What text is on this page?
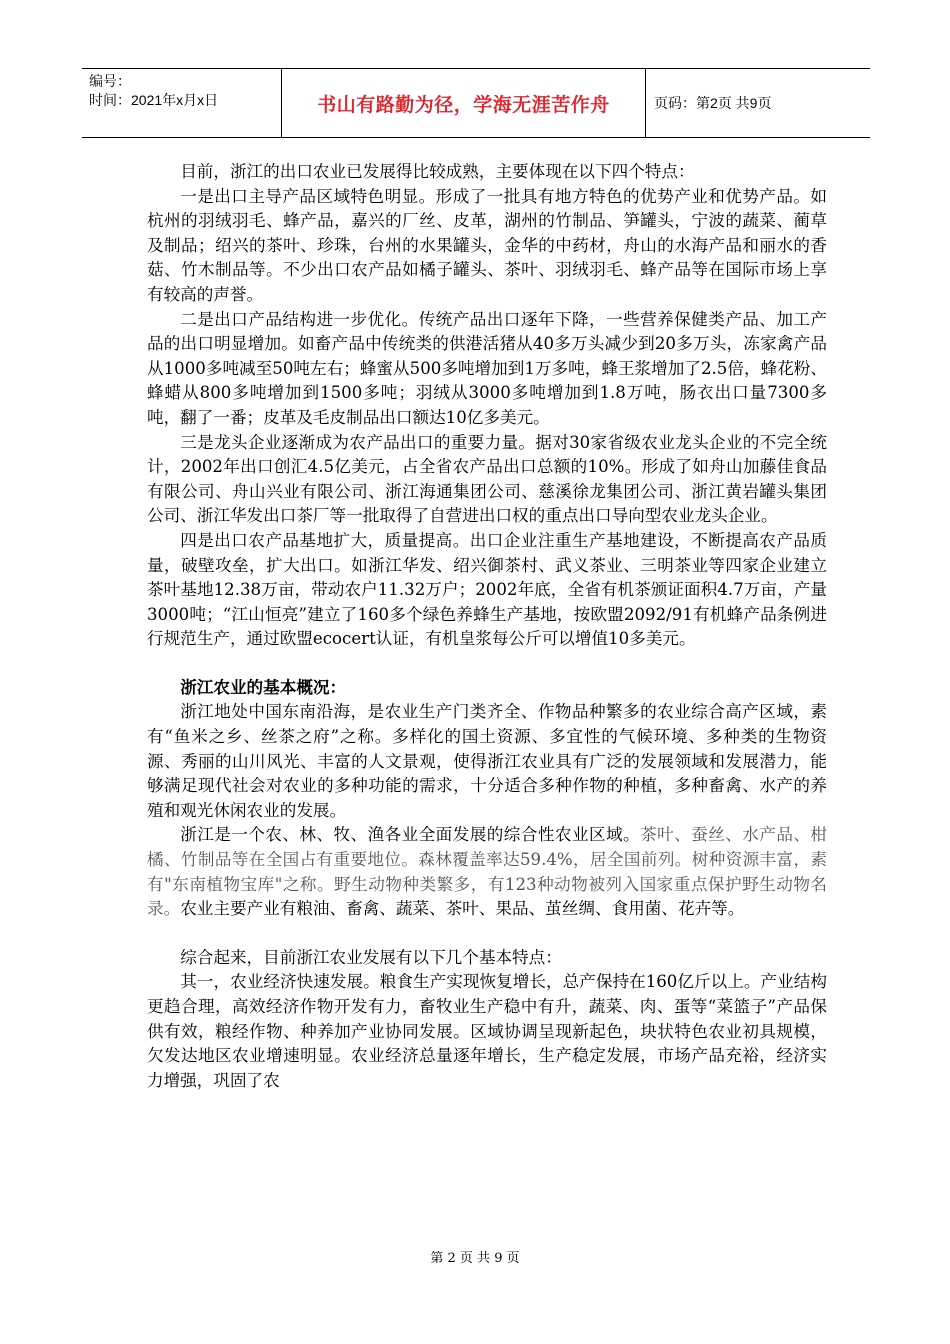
编号：
时间：2021年x月x日	书山有路勤为径，学海无涯苦作舟	页码：第2页 共9页

目前，浙江的出口农业已发展得比较成熟，主要体现在以下四个特点：

一是出口主导产品区域特色明显。形成了一批具有地方特色的优势产业和优势产品。如杭州的羽绒羽毛、蜂产品，嘉兴的厂丝、皮革，湖州的竹制品、笋罐头，宁波的蔬菜、蔺草及制品；绍兴的茶叶、珍珠，台州的水果罐头，金华的中药材，舟山的水海产品和丽水的香菇、竹木制品等。不少出口农产品如橘子罐头、茶叶、羽绒羽毛、蜂产品等在国际市场上享有较高的声誉。

二是出口产品结构进一步优化。传统产品出口逐年下降，一些营养保健类产品、加工产品的出口明显增加。如畜产品中传统类的供港活猪从40多万头减少到20多万头，冻家禽产品从1000多吨减至50吨左右；蜂蜜从500多吨增加到1万多吨，蜂王浆增加了2.5倍，蜂花粉、蜂蜡从800多吨增加到1500多吨；羽绒从3000多吨增加到1.8万吨，肠衣出口量7300多吨，翻了一番；皮革及毛皮制品出口额达10亿多美元。

三是龙头企业逐渐成为农产品出口的重要力量。据对30家省级农业龙头企业的不完全统计，2002年出口创汇4.5亿美元，占全省农产品出口总额的10%。形成了如舟山加藤佳食品有限公司、舟山兴业有限公司、浙江海通集团公司、慈溪徐龙集团公司、浙江黄岩罐头集团公司、浙江华发出口茶厂等一批取得了自营进出口权的重点出口导向型农业龙头企业。

四是出口农产品基地扩大，质量提高。出口企业注重生产基地建设，不断提高农产品质量，破壁攻垒，扩大出口。如浙江华发、绍兴御茶村、武义茶业、三明茶业等四家企业建立茶叶基地12.38万亩，带动农户11.32万户；2002年底，全省有机茶颁证面积4.7万亩，产量3000吨；“江山恒亮”建立了160多个绿色养蜂生产基地，按欧盟2092/91有机蜂产品条例进行规范生产，通过欧盟ecocert认证，有机皇浆每公斤可以增值10多美元。

浙江农业的基本概况：

浙江地处中国东南沿海，是农业生产门类齐全、作物品种繁多的农业综合高产区域，素有“鱼米之乡、丝茶之府”之称。多样化的国土资源、多宜性的气候环境、多种类的生物资源、秀丽的山川风光、丰富的人文景观，使得浙江农业具有广泛的发展领域和发展潜力，能够满足现代社会对农业的多种功能的需求，十分适合多种作物的种植，多种畜禽、水产的养殖和观光休闲农业的发展。

浙江是一个农、林、牧、渔各业全面发展的综合性农业区域。茶叶、蚕丝、水产品、柑橘、竹制品等在全国占有重要地位。森林覆盖率达59.4%，居全国前列。树种资源丰富，素有"东南植物宝库"之称。野生动物种类繁多，有123种动物被列入国家重点保护野生动物名录。农业主要产业有粮油、畜禽、蔬菜、茶叶、果品、茧丝绸、食用菌、花卉等。

综合起来，目前浙江农业发展有以下几个基本特点：

其一，农业经济快速发展。粮食生产实现恢复增长，总产保持在160亿斤以上。产业结构更趋合理，高效经济作物开发有力，畜牧业生产稳中有升，蔬菜、肉、蛋等“菜篮子”产品保供有效，粮经作物、种养加产业协同发展。区域协调呈现新起色，块状特色农业初具规模，欠发达地区农业增速明显。农业经济总量逐年增长，生产稳定发展，市场产品充裕，经济实力增强，巩固了农

第 2 页 共 9 页
